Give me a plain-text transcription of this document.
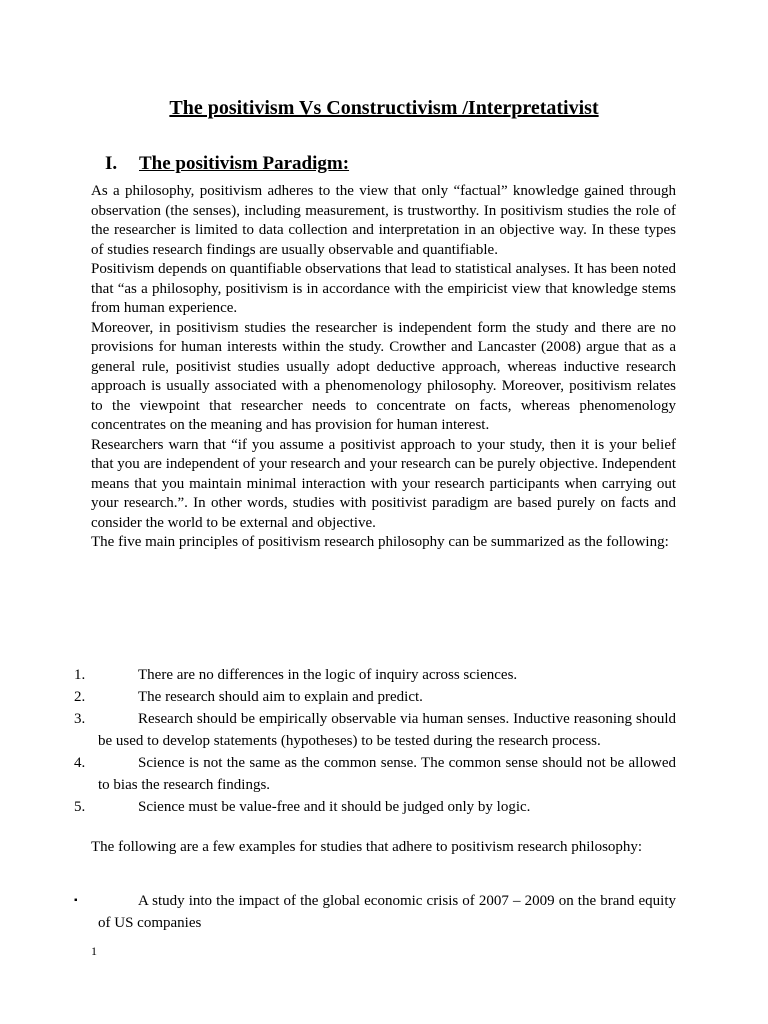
The positivism Vs Constructivism /Interpretativist
I. The positivism Paradigm:

As a philosophy, positivism adheres to the view that only “factual” knowledge gained through observation (the senses), including measurement, is trustworthy. In positivism studies the role of the researcher is limited to data collection and interpretation in an objective way. In these types of studies research findings are usually observable and quantifiable.

Positivism depends on quantifiable observations that lead to statistical analyses. It has been noted that “as a philosophy, positivism is in accordance with the empiricist view that knowledge stems from human experience.

Moreover, in positivism studies the researcher is independent form the study and there are no provisions for human interests within the study. Crowther and Lancaster (2008) argue that as a general rule, positivist studies usually adopt deductive approach, whereas inductive research approach is usually associated with a phenomenology philosophy. Moreover, positivism relates to the viewpoint that researcher needs to concentrate on facts, whereas phenomenology concentrates on the meaning and has provision for human interest.

Researchers warn that “if you assume a positivist approach to your study, then it is your belief that you are independent of your research and your research can be purely objective. Independent means that you maintain minimal interaction with your research participants when carrying out your research.”. In other words, studies with positivist paradigm are based purely on facts and consider the world to be external and objective.

The five main principles of positivism research philosophy can be summarized as the following:

1.	There are no differences in the logic of inquiry across sciences.
2.	The research should aim to explain and predict.
3.	Research should be empirically observable via human senses. Inductive reasoning should be used to develop statements (hypotheses) to be tested during the research process.
4.	Science is not the same as the common sense. The common sense should not be allowed to bias the research findings.
5.	Science must be value-free and it should be judged only by logic.

The following are a few examples for studies that adhere to positivism research philosophy:

▪	A study into the impact of the global economic crisis of 2007 – 2009 on the brand equity of US companies
1
